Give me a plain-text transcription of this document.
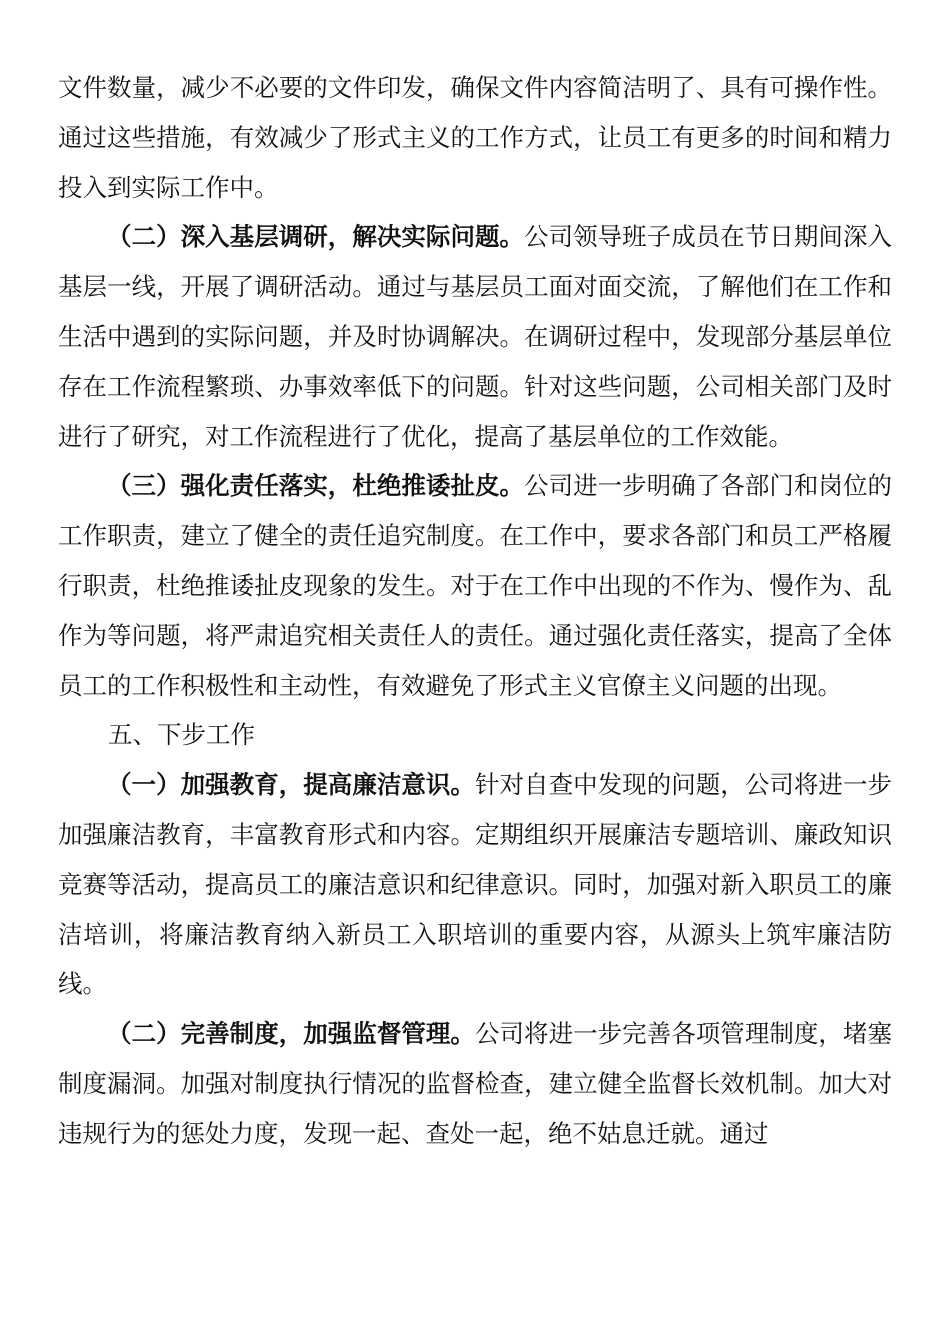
文件数量，减少不必要的文件印发，确保文件内容简洁明了、具有可操作性。通过这些措施，有效减少了形式主义的工作方式，让员工有更多的时间和精力投入到实际工作中。

（二）深入基层调研，解决实际问题。公司领导班子成员在节日期间深入基层一线，开展了调研活动。通过与基层员工面对面交流，了解他们在工作和生活中遇到的实际问题，并及时协调解决。在调研过程中，发现部分基层单位存在工作流程繁琐、办事效率低下的问题。针对这些问题，公司相关部门及时进行了研究，对工作流程进行了优化，提高了基层单位的工作效能。

（三）强化责任落实，杜绝推诿扯皮。公司进一步明确了各部门和岗位的工作职责，建立了健全的责任追究制度。在工作中，要求各部门和员工严格履行职责，杜绝推诿扯皮现象的发生。对于在工作中出现的不作为、慢作为、乱作为等问题，将严肃追究相关责任人的责任。通过强化责任落实，提高了全体员工的工作积极性和主动性，有效避免了形式主义官僚主义问题的出现。

五、下步工作

（一）加强教育，提高廉洁意识。针对自查中发现的问题，公司将进一步加强廉洁教育，丰富教育形式和内容。定期组织开展廉洁专题培训、廉政知识竞赛等活动，提高员工的廉洁意识和纪律意识。同时，加强对新入职员工的廉洁培训，将廉洁教育纳入新员工入职培训的重要内容，从源头上筑牢廉洁防线。

（二）完善制度，加强监督管理。公司将进一步完善各项管理制度，堵塞制度漏洞。加强对制度执行情况的监督检查，建立健全监督长效机制。加大对违规行为的惩处力度，发现一起、查处一起，绝不姑息迁就。通过
